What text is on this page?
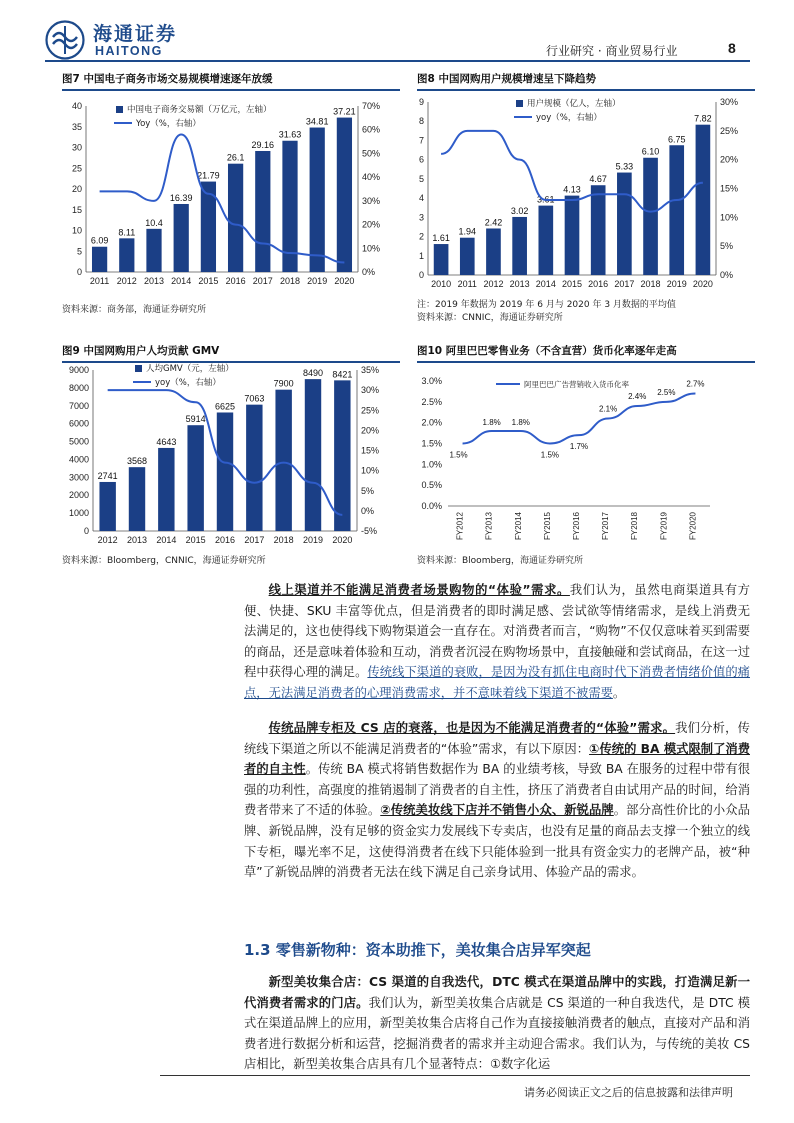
海通证券
HAITONG	行业研究 · 商业贸易行业	8
图7 中国电子商务市场交易规模增速逐年放缓	图8 中国网购用户规模增速呈下降趋势
0
5
10
15
20
25
30
35
40
0%
10%
20%
30%
40%
50%
60%
70%
6.09
2011
8.11
2012
10.4
2013
16.39
2014
21.79
2015
26.1
2016
29.16
2017
31.63
2018
34.81
2019
37.21
2020
中国电子商务交易额（万亿元，左轴）
Yoy（%，右轴）
资料来源：商务部，海通证券研究所
0
1
2
3
4
5
6
7
8
9
0%
5%
10%
15%
20%
25%
30%
1.61
2010
1.94
2011
2.42
2012
3.02
2013
3.61
2014
4.13
2015
4.67
2016
5.33
2017
6.10
2018
6.75
2019
7.82
2020
用户规模（亿人，左轴）
yoy（%，右轴）
注：2019 年数据为 2019 年 6 月与 2020 年 3 月数据的平均值
资料来源：CNNIC，海通证券研究所
图9 中国网购用户人均贡献 GMV	图10 阿里巴巴零售业务（不含直营）货币化率逐年走高
0
1000
2000
3000
4000
5000
6000
7000
8000
9000
-5%
0%
5%
10%
15%
20%
25%
30%
35%
2741
2012
3568
2013
4643
2014
5914
2015
6625
2016
7063
2017
7900
2018
8490
2019
8421
2020
人均GMV（元，左轴）
yoy（%，右轴）
资料来源：Bloomberg，CNNIC，海通证券研究所
0.0%
0.5%
1.0%
1.5%
2.0%
2.5%
3.0%
1.5%
FY2012
1.8%
FY2013
1.8%
FY2014
1.5%
FY2015
1.7%
FY2016
2.1%
FY2017
2.4%
FY2018
2.5%
FY2019
2.7%
FY2020
阿里巴巴广告营销收入货币化率
资料来源：Bloomberg，海通证券研究所

线上渠道并不能满足消费者场景购物的“体验”需求。我们认为，虽然电商渠道具有方便、快捷、SKU 丰富等优点，但是消费者的即时满足感、尝试欲等情绪需求，是线上消费无法满足的，这也使得线下购物渠道会一直存在。对消费者而言，“购物”不仅仅意味着买到需要的商品，还是意味着体验和互动，消费者沉浸在购物场景中，直接触碰和尝试商品，在这一过程中获得心理的满足。传统线下渠道的衰败，是因为没有抓住电商时代下消费者情绪价值的痛点，无法满足消费者的心理消费需求，并不意味着线下渠道不被需要。

传统品牌专柜及 CS 店的衰落，也是因为不能满足消费者的“体验”需求。我们分析，传统线下渠道之所以不能满足消费者的“体验”需求，有以下原因：①传统的 BA 模式限制了消费者的自主性。传统 BA 模式将销售数据作为 BA 的业绩考核，导致 BA 在服务的过程中带有很强的功利性，高强度的推销遏制了消费者的自主性，挤压了消费者自由试用产品的时间，给消费者带来了不适的体验。②传统美妆线下店并不销售小众、新锐品牌。部分高性价比的小众品牌、新锐品牌，没有足够的资金实力发展线下专卖店，也没有足量的商品去支撑一个独立的线下专柜，曝光率不足，这使得消费者在线下只能体验到一批具有资金实力的老牌产品，被“种草”了新锐品牌的消费者无法在线下满足自己亲身试用、体验产品的需求。

1.3 零售新物种：资本助推下，美妆集合店异军突起

新型美妆集合店：CS 渠道的自我迭代，DTC 模式在渠道品牌中的实践，打造满足新一代消费者需求的门店。我们认为，新型美妆集合店就是 CS 渠道的一种自我迭代，是 DTC 模式在渠道品牌上的应用，新型美妆集合店将自己作为直接接触消费者的触点，直接对产品和消费者进行数据分析和运营，挖掘消费者的需求并主动迎合需求。我们认为，与传统的美妆 CS 店相比，新型美妆集合店具有几个显著特点：①数字化运

请务必阅读正文之后的信息披露和法律声明
